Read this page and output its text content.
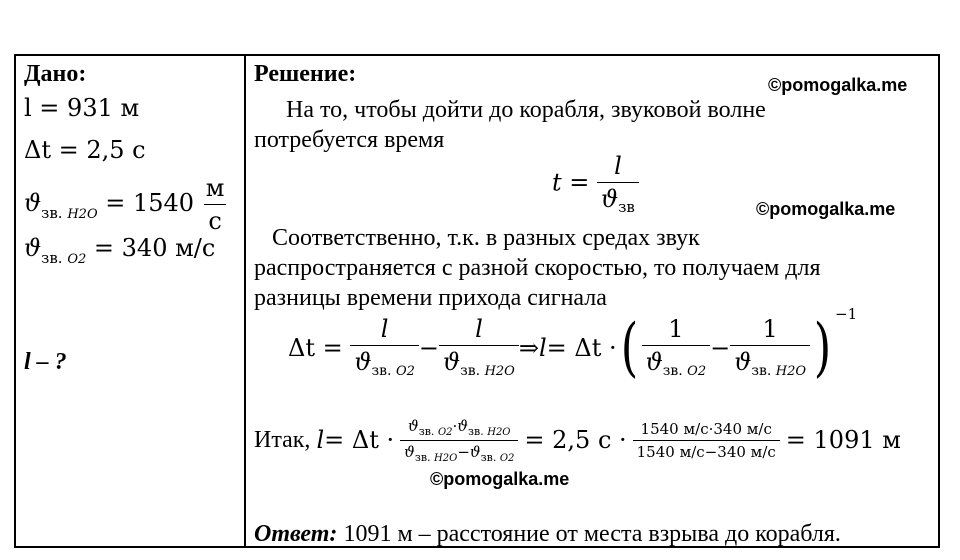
Дано:
l = 931 м
Δt = 2,5 с
$ϑ_{зв. H2O} = 1540 \frac{м}{с}$
$ϑ_{зв. O2} = 340$ м/с
l – ?
Решение:	©pomogalka.me
На то, чтобы дойти до корабля, звуковой волне
потребуется время
$t = \frac{l}{ϑ_{зв}}$	©pomogalka.me
Соответственно, т.к. в разных средах звук
распространяется с разной скоростью, то получаем для
разницы времени прихода сигнала
Δt =
$\frac{l}{ϑ_{зв. O2}} - \frac{l}{ϑ_{зв. H2O}}$ ⇒ l = Δt · ( $\frac{1}{ϑ_{зв. O2}} - \frac{1}{ϑ_{зв. H2O}}$ ) −1
Итак,
l = Δt ·
$\frac{ϑ_{зв. O2}\cdot ϑ_{зв. H2O}}{ϑ_{зв. H2O}-ϑ_{зв. O2}}$
= 2,5 с ·
$\frac{1540 м/с\cdot 340 м/с}{1540 м/с-340 м/с}$
= 1091 м
©pomogalka.me
Ответ: 1091 м – расстояние от места взрыва до корабля.
